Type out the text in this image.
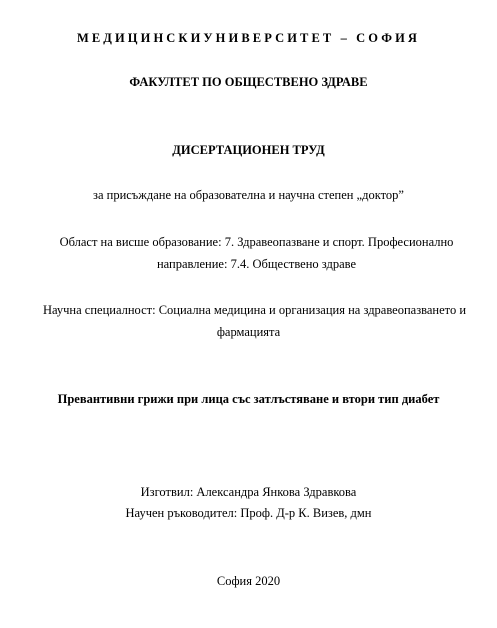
МЕДИЦИНСКИУНИВЕРСИТЕТ – СОФИЯ
ФАКУЛТЕТ ПО ОБЩЕСТВЕНО ЗДРАВЕ
ДИСЕРТАЦИОНЕН ТРУД
за присъждане на образователна и научна степен „доктор”
Област на висше образование: 7. Здравеопазване и спорт. Професионално
направление: 7.4. Обществено здраве
Научна специалност: Социална медицина и организация на здравеопазването и
фармацията
Превантивни грижи при лица със затлъстяване и втори тип диабет
Изготвил: Александра Янкова Здравкова
Научен ръководител: Проф. Д-р К. Визев, дмн
София 2020
